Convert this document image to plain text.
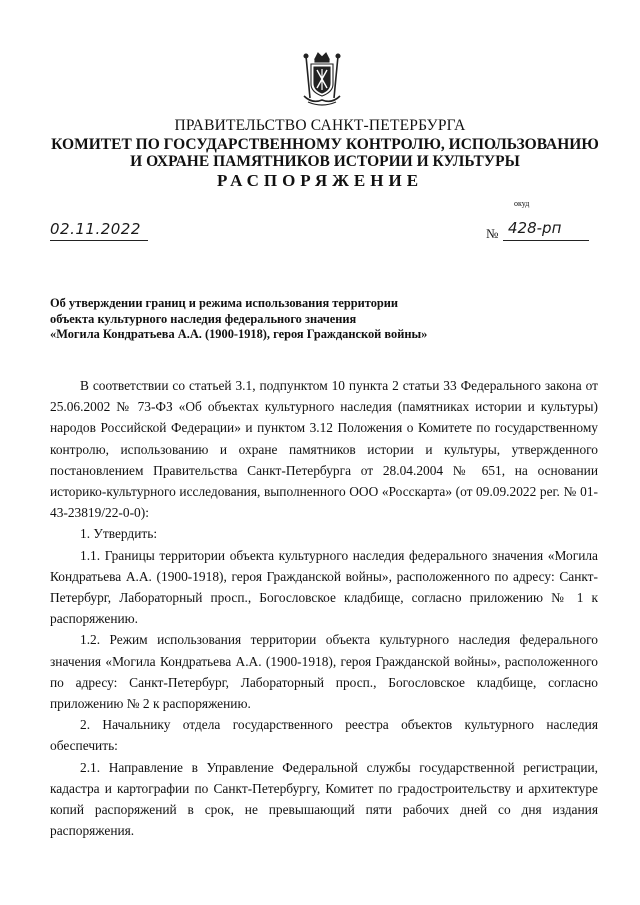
ПРАВИТЕЛЬСТВО САНКТ-ПЕТЕРБУРГА
КОМИТЕТ ПО ГОСУДАРСТВЕННОМУ КОНТРОЛЮ, ИСПОЛЬЗОВАНИЮ
И ОХРАНЕ ПАМЯТНИКОВ ИСТОРИИ И КУЛЬТУРЫ
РАСПОРЯЖЕНИЕ
окуд
02.11.2022	№ 428-рп
Об утверждении границ и режима использования территории
объекта культурного наследия федерального значения
«Могила Кондратьева А.А. (1900-1918), героя Гражданской войны»

В соответствии со статьей 3.1, подпунктом 10 пункта 2 статьи 33 Федерального закона от 25.06.2002 № 73-ФЗ «Об объектах культурного наследия (памятниках истории и культуры) народов Российской Федерации» и пунктом 3.12 Положения о Комитете по государственному контролю, использованию и охране памятников истории и культуры, утвержденного постановлением Правительства Санкт-Петербурга от 28.04.2004 № 651, на основании историко-культурного исследования, выполненного ООО «Росскарта» (от 09.09.2022 рег. № 01-43-23819/22-0-0):

1. Утвердить:

1.1. Границы территории объекта культурного наследия федерального значения «Могила Кондратьева А.А. (1900-1918), героя Гражданской войны», расположенного по адресу: Санкт-Петербург, Лабораторный просп., Богословское кладбище, согласно приложению № 1 к распоряжению.

1.2. Режим использования территории объекта культурного наследия федерального значения «Могила Кондратьева А.А. (1900-1918), героя Гражданской войны», расположенного по адресу: Санкт-Петербург, Лабораторный просп., Богословское кладбище, согласно приложению № 2 к распоряжению.

2. Начальнику отдела государственного реестра объектов культурного наследия обеспечить:

2.1. Направление в Управление Федеральной службы государственной регистрации, кадастра и картографии по Санкт-Петербургу, Комитет по градостроительству и архитектуре копий распоряжений в срок, не превышающий пяти рабочих дней со дня издания распоряжения.
